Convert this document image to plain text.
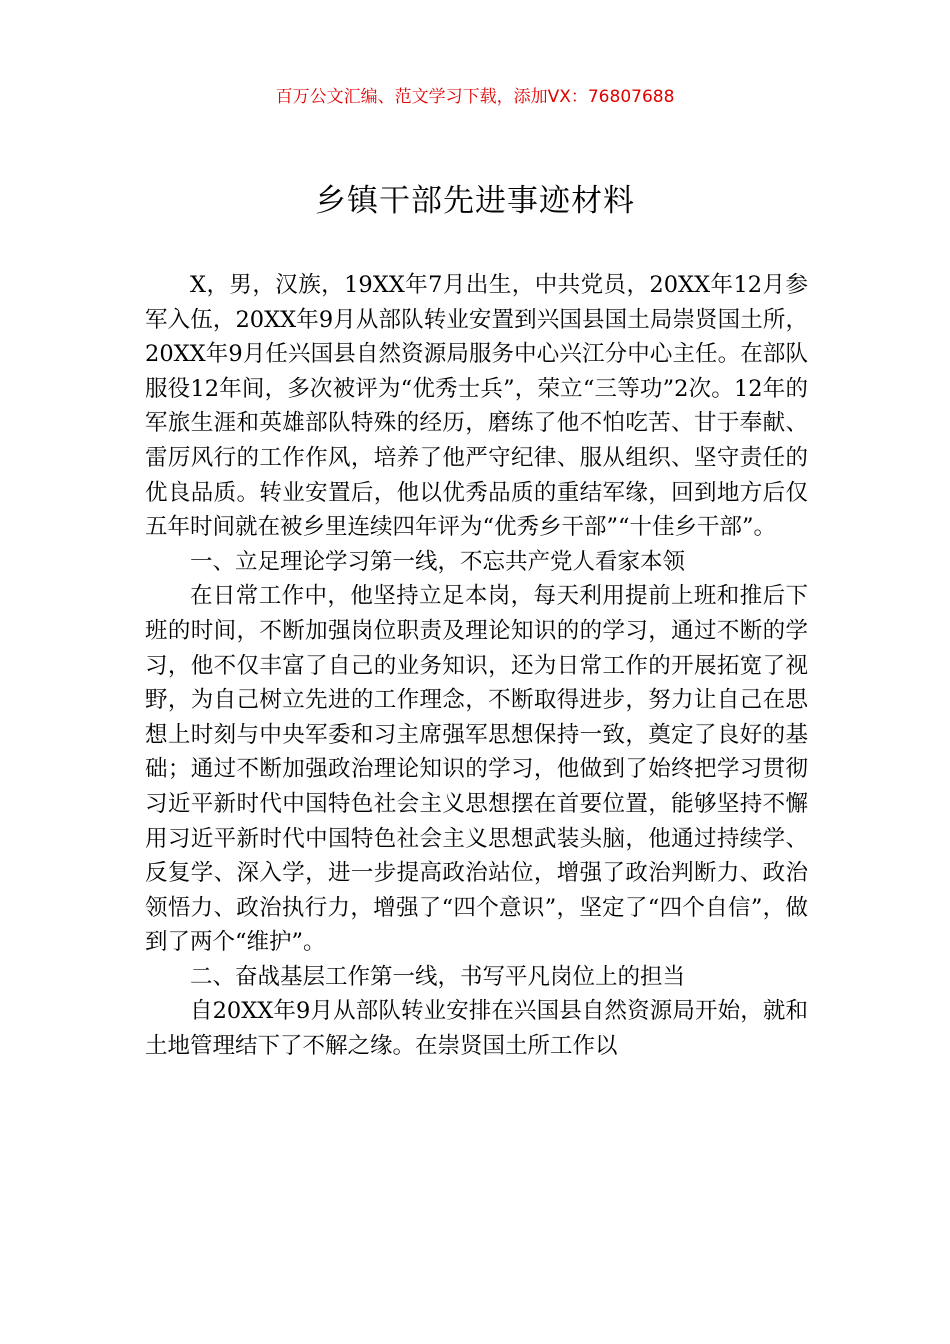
百万公文汇编、范文学习下载，添加VX：76807688
乡镇干部先进事迹材料

X，男，汉族，19XX年7月出生，中共党员，20XX年12月参军入伍，20XX年9月从部队转业安置到兴国县国土局崇贤国土所，20XX年9月任兴国县自然资源局服务中心兴江分中心主任。在部队服役12年间，多次被评为“优秀士兵”，荣立“三等功”2次。12年的军旅生涯和英雄部队特殊的经历，磨练了他不怕吃苦、甘于奉献、雷厉风行的工作作风，培养了他严守纪律、服从组织、坚守责任的优良品质。转业安置后，他以优秀品质的重结军缘，回到地方后仅五年时间就在被乡里连续四年评为“优秀乡干部”“十佳乡干部”。

一、立足理论学习第一线，不忘共产党人看家本领

在日常工作中，他坚持立足本岗，每天利用提前上班和推后下班的时间，不断加强岗位职责及理论知识的的学习，通过不断的学习，他不仅丰富了自己的业务知识，还为日常工作的开展拓宽了视野，为自己树立先进的工作理念，不断取得进步，努力让自己在思想上时刻与中央军委和习主席强军思想保持一致，奠定了良好的基础；通过不断加强政治理论知识的学习，他做到了始终把学习贯彻习近平新时代中国特色社会主义思想摆在首要位置，能够坚持不懈用习近平新时代中国特色社会主义思想武装头脑，他通过持续学、反复学、深入学，进一步提高政治站位，增强了政治判断力、政治领悟力、政治执行力，增强了“四个意识”，坚定了“四个自信”，做到了两个“维护”。

二、奋战基层工作第一线，书写平凡岗位上的担当

自20XX年9月从部队转业安排在兴国县自然资源局开始，就和土地管理结下了不解之缘。在崇贤国土所工作以
